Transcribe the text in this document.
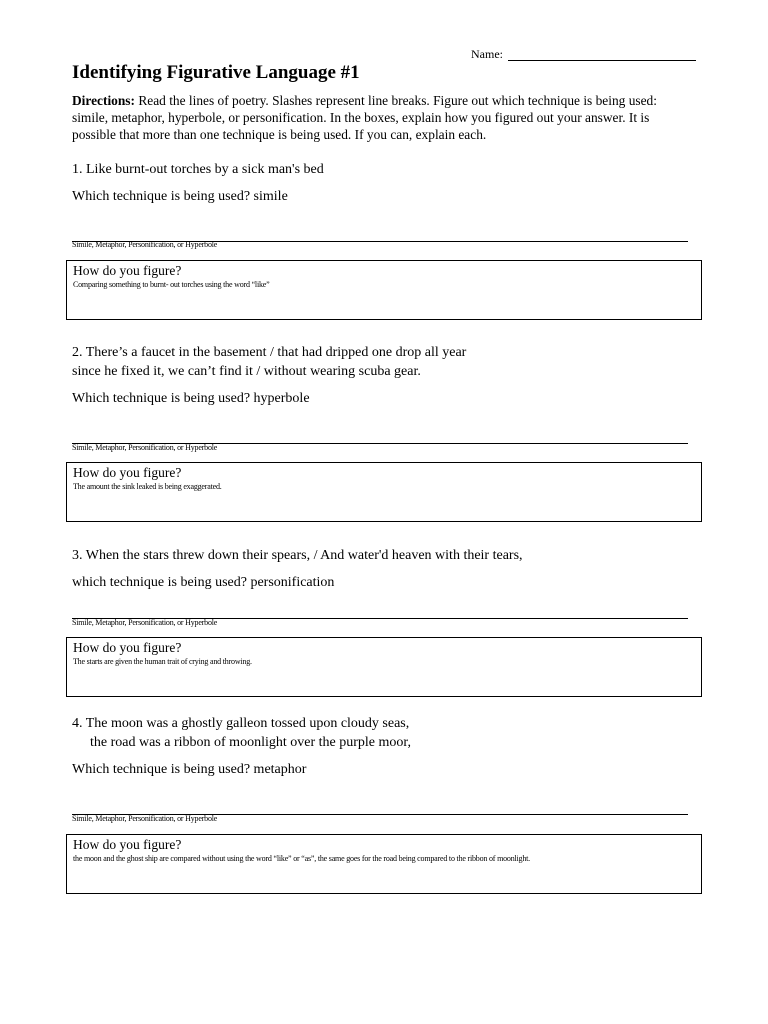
Name:
Identifying Figurative Language #1
Directions: Read the lines of poetry. Slashes represent line breaks. Figure out which technique is being used: simile, metaphor, hyperbole, or personification. In the boxes, explain how you figured out your answer. It is possible that more than one technique is being used. If you can, explain each.
1. Like burnt-out torches by a sick man's bed
Which technique is being used? simile
Simile, Metaphor, Personification, or Hyperbole
How do you figure?
Comparing something to burnt- out torches using the word “like”
2. There’s a faucet in the basement / that had dripped one drop all year
since he fixed it, we can’t find it / without wearing scuba gear.
Which technique is being used? hyperbole
Simile, Metaphor, Personification, or Hyperbole
How do you figure?
The amount the sink leaked is being exaggerated.
3. When the stars threw down their spears, / And water'd heaven with their tears,
which technique is being used? personification
Simile, Metaphor, Personification, or Hyperbole
How do you figure?
The starts are given the human trait of crying and throwing.
4. The moon was a ghostly galleon tossed upon cloudy seas,
the road was a ribbon of moonlight over the purple moor,
Which technique is being used? metaphor
Simile, Metaphor, Personification, or Hyperbole
How do you figure?
the moon and the ghost ship are compared without using the word “like” or “as”, the same goes for the road being compared to the ribbon of moonlight.
